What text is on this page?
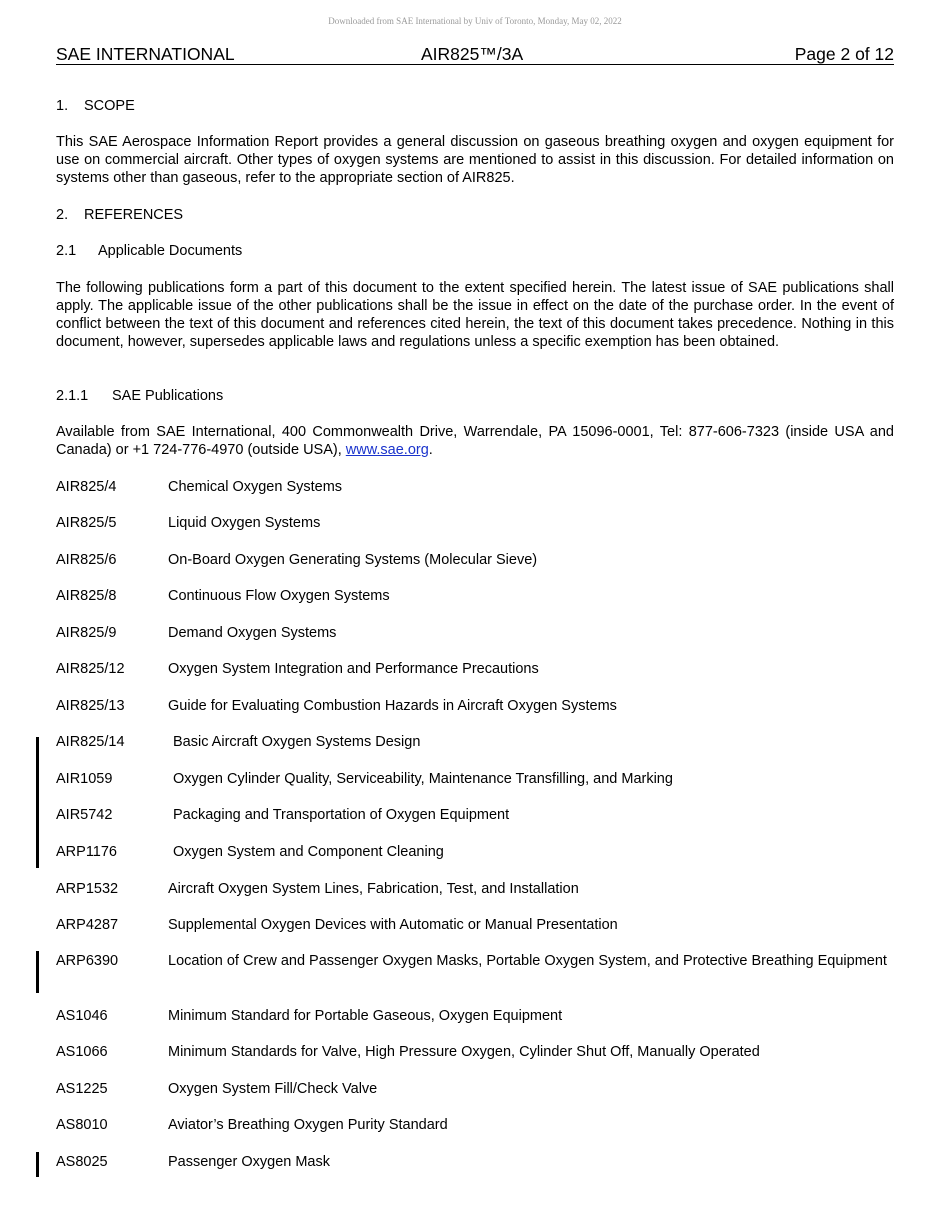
Downloaded from SAE International by Univ of Toronto, Monday, May 02, 2022
SAE INTERNATIONAL	AIR825™/3A	Page 2 of 12
1.	SCOPE
This SAE Aerospace Information Report provides a general discussion on gaseous breathing oxygen and oxygen equipment for use on commercial aircraft. Other types of oxygen systems are mentioned to assist in this discussion. For detailed information on systems other than gaseous, refer to the appropriate section of AIR825.
2.	REFERENCES
2.1	Applicable Documents
The following publications form a part of this document to the extent specified herein. The latest issue of SAE publications shall apply. The applicable issue of the other publications shall be the issue in effect on the date of the purchase order. In the event of conflict between the text of this document and references cited herein, the text of this document takes precedence. Nothing in this document, however, supersedes applicable laws and regulations unless a specific exemption has been obtained.
2.1.1	SAE Publications
Available from SAE International, 400 Commonwealth Drive, Warrendale, PA 15096-0001, Tel: 877-606-7323 (inside USA and Canada) or +1 724-776-4970 (outside USA), www.sae.org.
AIR825/4	Chemical Oxygen Systems
AIR825/5	Liquid Oxygen Systems
AIR825/6	On-Board Oxygen Generating Systems (Molecular Sieve)
AIR825/8	Continuous Flow Oxygen Systems
AIR825/9	Demand Oxygen Systems
AIR825/12	Oxygen System Integration and Performance Precautions
AIR825/13	Guide for Evaluating Combustion Hazards in Aircraft Oxygen Systems
AIR825/14	Basic Aircraft Oxygen Systems Design
AIR1059	Oxygen Cylinder Quality, Serviceability, Maintenance Transfilling, and Marking
AIR5742	Packaging and Transportation of Oxygen Equipment
ARP1176	Oxygen System and Component Cleaning
ARP1532	Aircraft Oxygen System Lines, Fabrication, Test, and Installation
ARP4287	Supplemental Oxygen Devices with Automatic or Manual Presentation
ARP6390	Location of Crew and Passenger Oxygen Masks, Portable Oxygen System, and Protective Breathing Equipment
AS1046	Minimum Standard for Portable Gaseous, Oxygen Equipment
AS1066	Minimum Standards for Valve, High Pressure Oxygen, Cylinder Shut Off, Manually Operated
AS1225	Oxygen System Fill/Check Valve
AS8010	Aviator’s Breathing Oxygen Purity Standard
AS8025	Passenger Oxygen Mask
